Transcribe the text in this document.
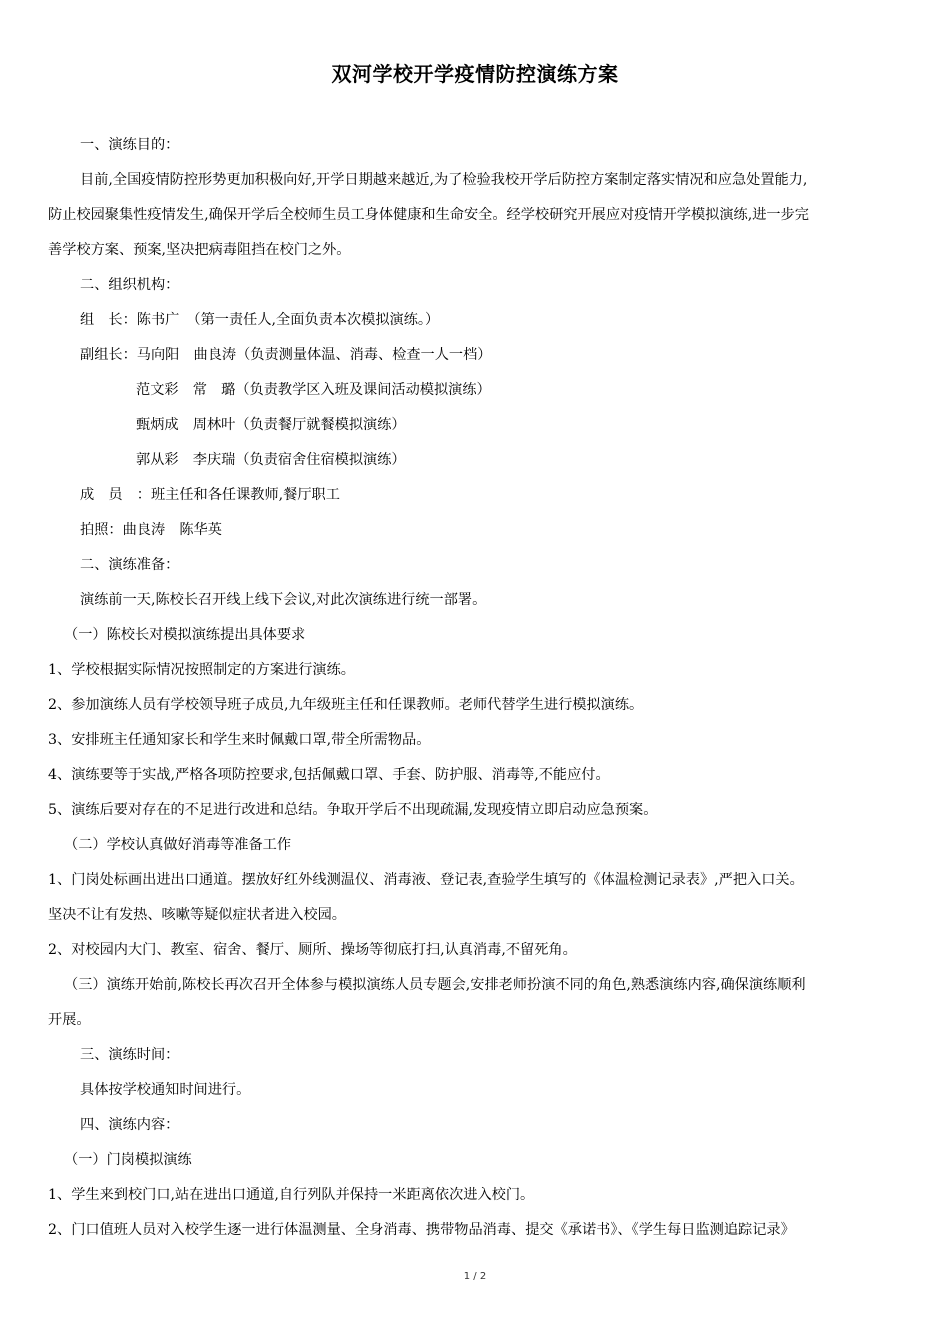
双河学校开学疫情防控演练方案
一、演练目的：
目前,全国疫情防控形势更加积极向好,开学日期越来越近,为了检验我校开学后防控方案制定落实情况和应急处置能力,
防止校园聚集性疫情发生,确保开学后全校师生员工身体健康和生命安全。经学校研究开展应对疫情开学模拟演练,进一步完
善学校方案、预案,坚决把病毒阻挡在校门之外。
二、组织机构：
组　长：陈书广　（第一责任人,全面负责本次模拟演练。）
副组长：马向阳　曲良涛（负责测量体温、消毒、检查一人一档）
范文彩　常　璐（负责教学区入班及课间活动模拟演练）
甄炳成　周林叶（负责餐厅就餐模拟演练）
郭从彩　李庆瑞（负责宿舍住宿模拟演练）
成　员　：班主任和各任课教师,餐厅职工
拍照：曲良涛　陈华英
二、演练准备：
演练前一天,陈校长召开线上线下会议,对此次演练进行统一部署。
（一）陈校长对模拟演练提出具体要求
1、学校根据实际情况按照制定的方案进行演练。
2、参加演练人员有学校领导班子成员,九年级班主任和任课教师。老师代替学生进行模拟演练。
3、安排班主任通知家长和学生来时佩戴口罩,带全所需物品。
4、演练要等于实战,严格各项防控要求,包括佩戴口罩、手套、防护服、消毒等,不能应付。
5、演练后要对存在的不足进行改进和总结。争取开学后不出现疏漏,发现疫情立即启动应急预案。
（二）学校认真做好消毒等准备工作
1、门岗处标画出进出口通道。摆放好红外线测温仪、消毒液、登记表,查验学生填写的《体温检测记录表》,严把入口关。
坚决不让有发热、咳嗽等疑似症状者进入校园。
2、对校园内大门、教室、宿舍、餐厅、厕所、操场等彻底打扫,认真消毒,不留死角。
（三）演练开始前,陈校长再次召开全体参与模拟演练人员专题会,安排老师扮演不同的角色,熟悉演练内容,确保演练顺利
开展。
三、演练时间：
具体按学校通知时间进行。
四、演练内容：
（一）门岗模拟演练
1、学生来到校门口,站在进出口通道,自行列队并保持一米距离依次进入校门。
2、门口值班人员对入校学生逐一进行体温测量、全身消毒、携带物品消毒、提交《承诺书》、《学生每日监测追踪记录》
1 / 2
